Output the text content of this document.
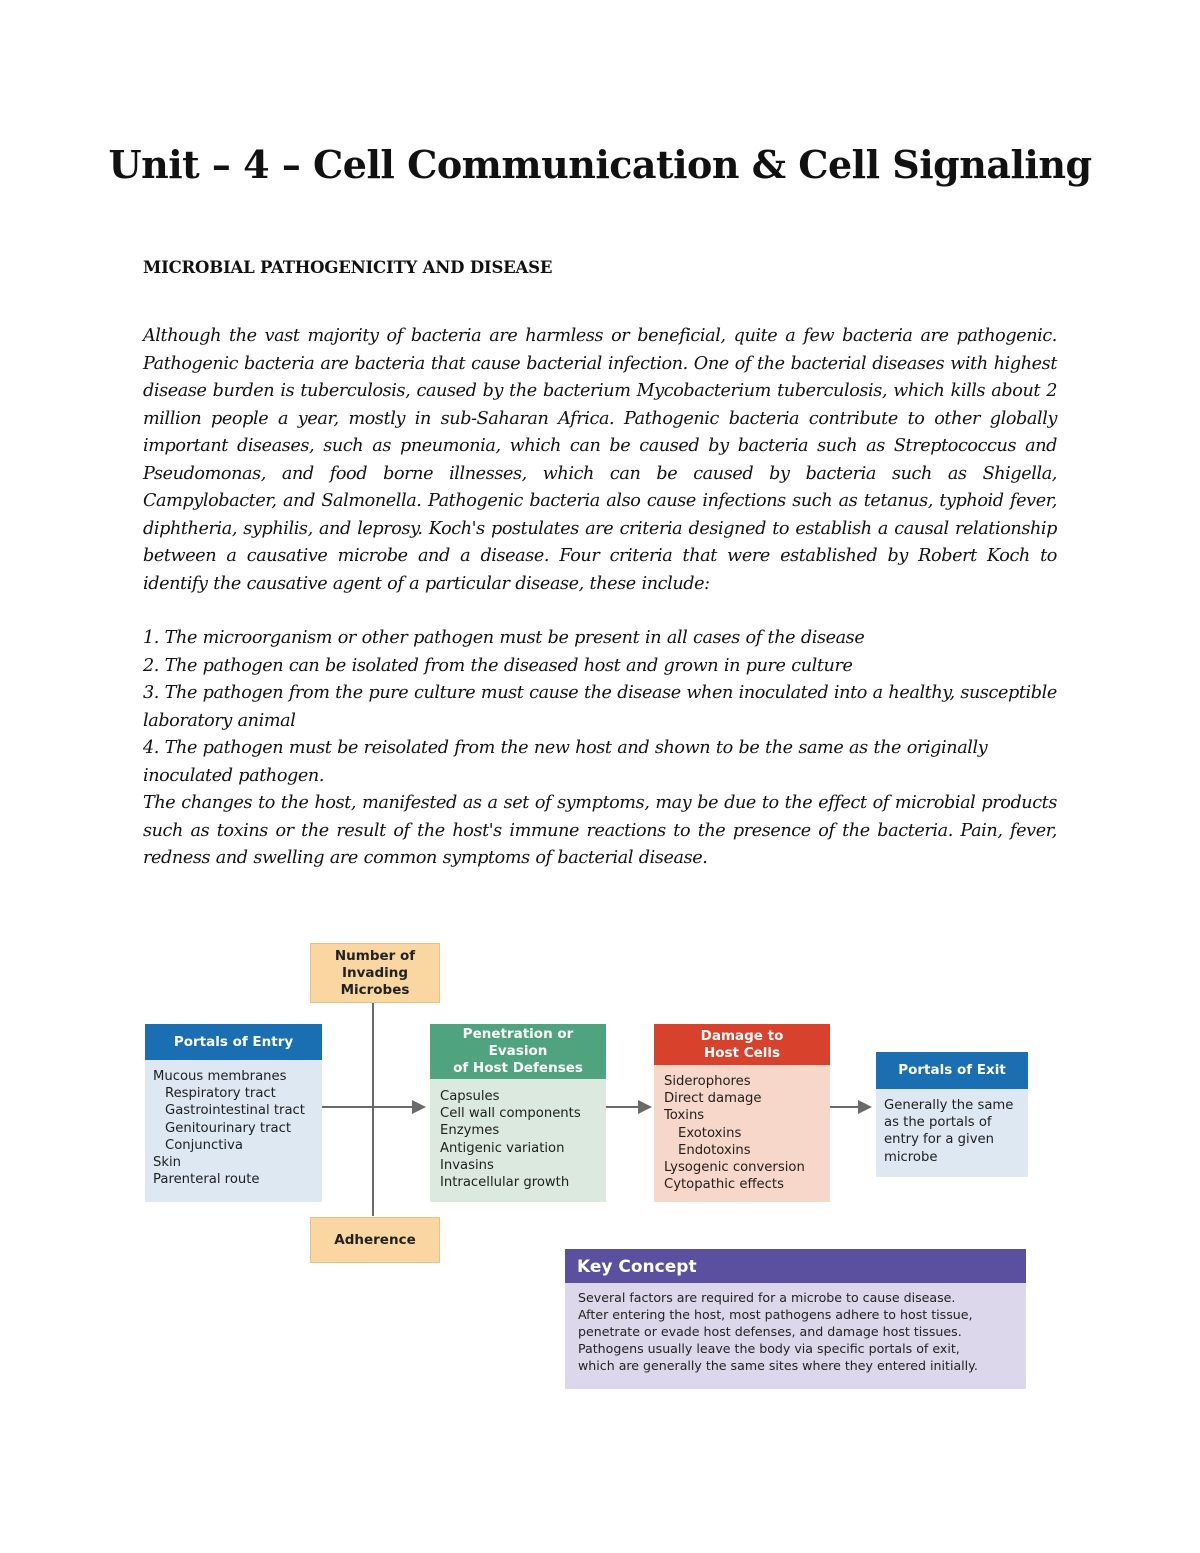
Unit – 4 – Cell Communication & Cell Signaling
MICROBIAL PATHOGENICITY AND DISEASE

Although the vast majority of bacteria are harmless or beneficial, quite a few bacteria are pathogenic. Pathogenic bacteria are bacteria that cause bacterial infection. One of the bacterial diseases with highest disease burden is tuberculosis, caused by the bacterium Mycobacterium tuberculosis, which kills about 2 million people a year, mostly in sub-Saharan Africa. Pathogenic bacteria contribute to other globally important diseases, such as pneumonia, which can be caused by bacteria such as Streptococcus and Pseudomonas, and food borne illnesses, which can be caused by bacteria such as Shigella, Campylobacter, and Salmonella. Pathogenic bacteria also cause infections such as tetanus, typhoid fever, diphtheria, syphilis, and leprosy. Koch's postulates are criteria designed to establish a causal relationship between a causative microbe and a disease. Four criteria that were established by Robert Koch to identify the causative agent of a particular disease, these include:

1. The microorganism or other pathogen must be present in all cases of the disease
2. The pathogen can be isolated from the diseased host and grown in pure culture
3. The pathogen from the pure culture must cause the disease when inoculated into a healthy, susceptible laboratory animal
4. The pathogen must be reisolated from the new host and shown to be the same as the originally inoculated pathogen.

The changes to the host, manifested as a set of symptoms, may be due to the effect of microbial products such as toxins or the result of the host's immune reactions to the presence of the bacteria. Pain, fever, redness and swelling are common symptoms of bacterial disease.

Number of
Invading
Microbes
Adherence
Portals of Entry
Mucous membranes
Respiratory tract
Gastrointestinal tract
Genitourinary tract
Conjunctiva
Skin
Parenteral route
Penetration or
Evasion
of Host Defenses
Capsules
Cell wall components
Enzymes
Antigenic variation
Invasins
Intracellular growth
Damage to
Host Cells
Siderophores
Direct damage
Toxins
Exotoxins
Endotoxins
Lysogenic conversion
Cytopathic effects
Portals of Exit
Generally the same
as the portals of
entry for a given
microbe
Key Concept
Several factors are required for a microbe to cause disease.
After entering the host, most pathogens adhere to host tissue,
penetrate or evade host defenses, and damage host tissues.
Pathogens usually leave the body via specific portals of exit,
which are generally the same sites where they entered initially.
